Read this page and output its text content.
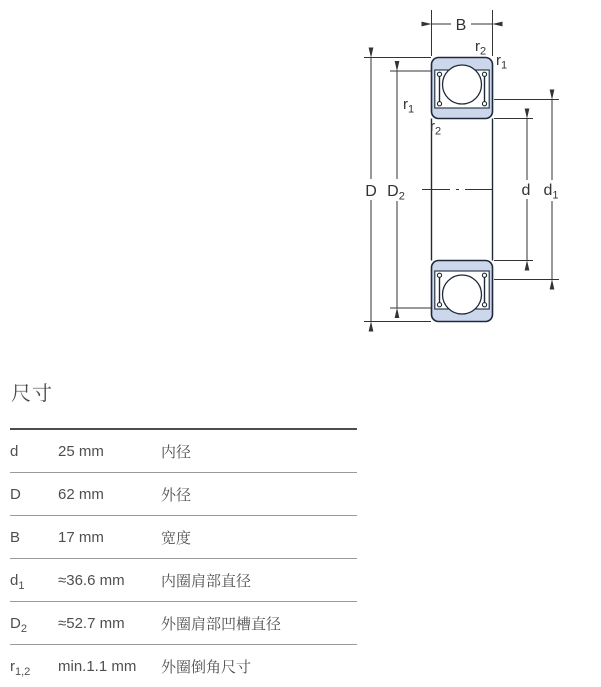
B
D $D_2$	d $d_1$
$r_2$
$r_1$
$r_1$
$r_2$
尺寸
d	25 mm	内径
D	62 mm	外径
B	17 mm	宽度
$d_1$	≈36.6 mm	内圈肩部直径
$D_2$	≈52.7 mm	外圈肩部凹槽直径
$r_{1,2}$	min.1.1 mm	外圈倒角尺寸
